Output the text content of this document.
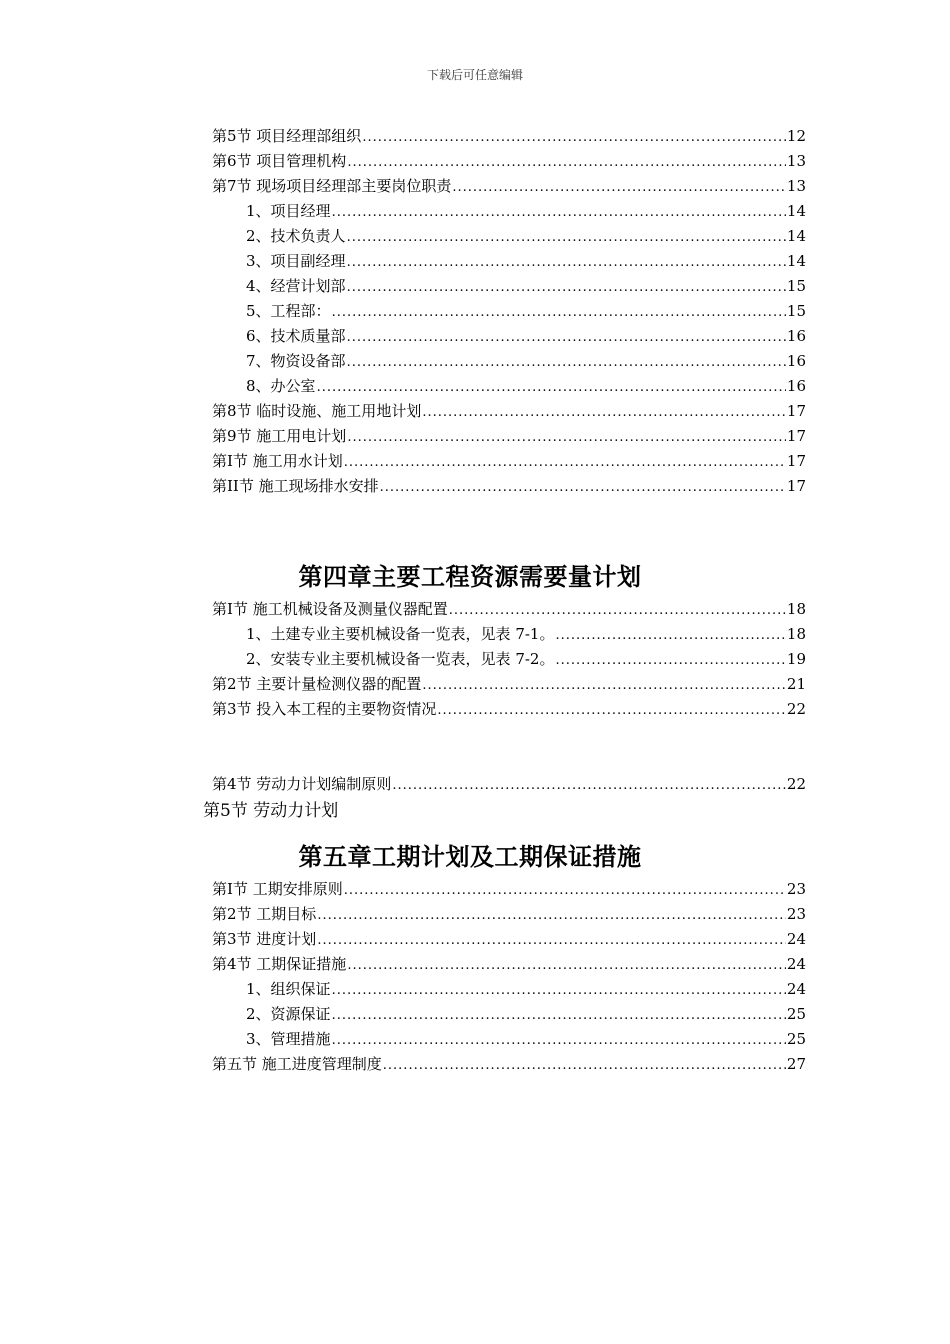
下载后可任意编辑
第5节 项目经理部组织 .....	12
第6节 项目管理机构 .....	13
第7节 现场项目经理部主要岗位职责 .....	13
1、 项目经理 .....	14
2、 技术负责人 .....	14
3、 项目副经理 .....	14
4、 经营计划部 .....	15
5、 工程部： .....	15
6、 技术质量部 .....	16
7、 物资设备部 .....	16
8、 办公室 .....	16
第8节 临时设施、施工用地计划 .....	17
第9节 施工用电计划 .....	17
第I节 施工用水计划 .....	17
第II节 施工现场排水安排 .....	17
第四章主要工程资源需要量计划
第I节 施工机械设备及测量仪器配置 .....	18
1、 土建专业主要机械设备一览表，见表 7-1。 .....	18
2、 安装专业主要机械设备一览表，见表 7-2。 .....	19
第2节 主要计量检测仪器的配置 .....	21
第3节 投入本工程的主要物资情况 .....	22
第4节 劳动力计划编制原则 .....	22
第5节 劳动力计划
第五章工期计划及工期保证措施
第I节 工期安排原则 .....	23
第2节 工期目标 .....	23
第3节 进度计划 .....	24
第4节 工期保证措施 .....	24
1、 组织保证 .....	24
2、 资源保证 .....	25
3、 管理措施 .....	25
第五节 施工进度管理制度 .....	27
